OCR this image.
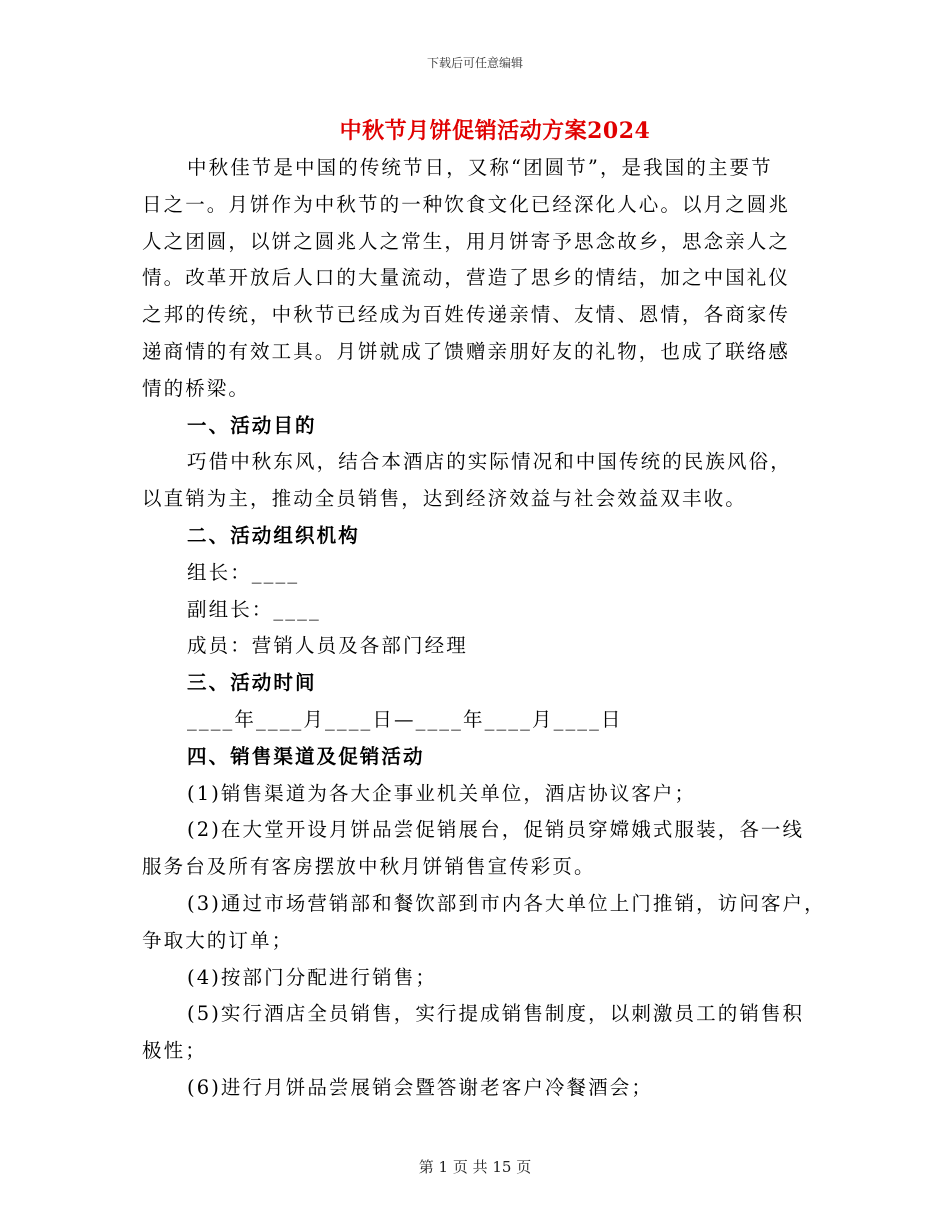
下载后可任意编辑
中秋节月饼促销活动方案2024

中秋佳节是中国的传统节日，又称“团圆节”，是我国的主要节

日之一。月饼作为中秋节的一种饮食文化已经深化人心。以月之圆兆

人之团圆，以饼之圆兆人之常生，用月饼寄予思念故乡，思念亲人之

情。改革开放后人口的大量流动，营造了思乡的情结，加之中国礼仪

之邦的传统，中秋节已经成为百姓传递亲情、友情、恩情，各商家传

递商情的有效工具。月饼就成了馈赠亲朋好友的礼物，也成了联络感

情的桥梁。

一、活动目的

巧借中秋东风，结合本酒店的实际情况和中国传统的民族风俗，

以直销为主，推动全员销售，达到经济效益与社会效益双丰收。

二、活动组织机构

组长：____

副组长：____

成员：营销人员及各部门经理

三、活动时间

____年____月____日—____年____月____日

四、销售渠道及促销活动

(1)销售渠道为各大企事业机关单位，酒店协议客户；

(2)在大堂开设月饼品尝促销展台，促销员穿嫦娥式服装，各一线

服务台及所有客房摆放中秋月饼销售宣传彩页。

(3)通过市场营销部和餐饮部到市内各大单位上门推销，访问客户，

争取大的订单；

(4)按部门分配进行销售；

(5)实行酒店全员销售，实行提成销售制度，以刺激员工的销售积

极性；

(6)进行月饼品尝展销会暨答谢老客户冷餐酒会；

第 1 页 共 15 页
